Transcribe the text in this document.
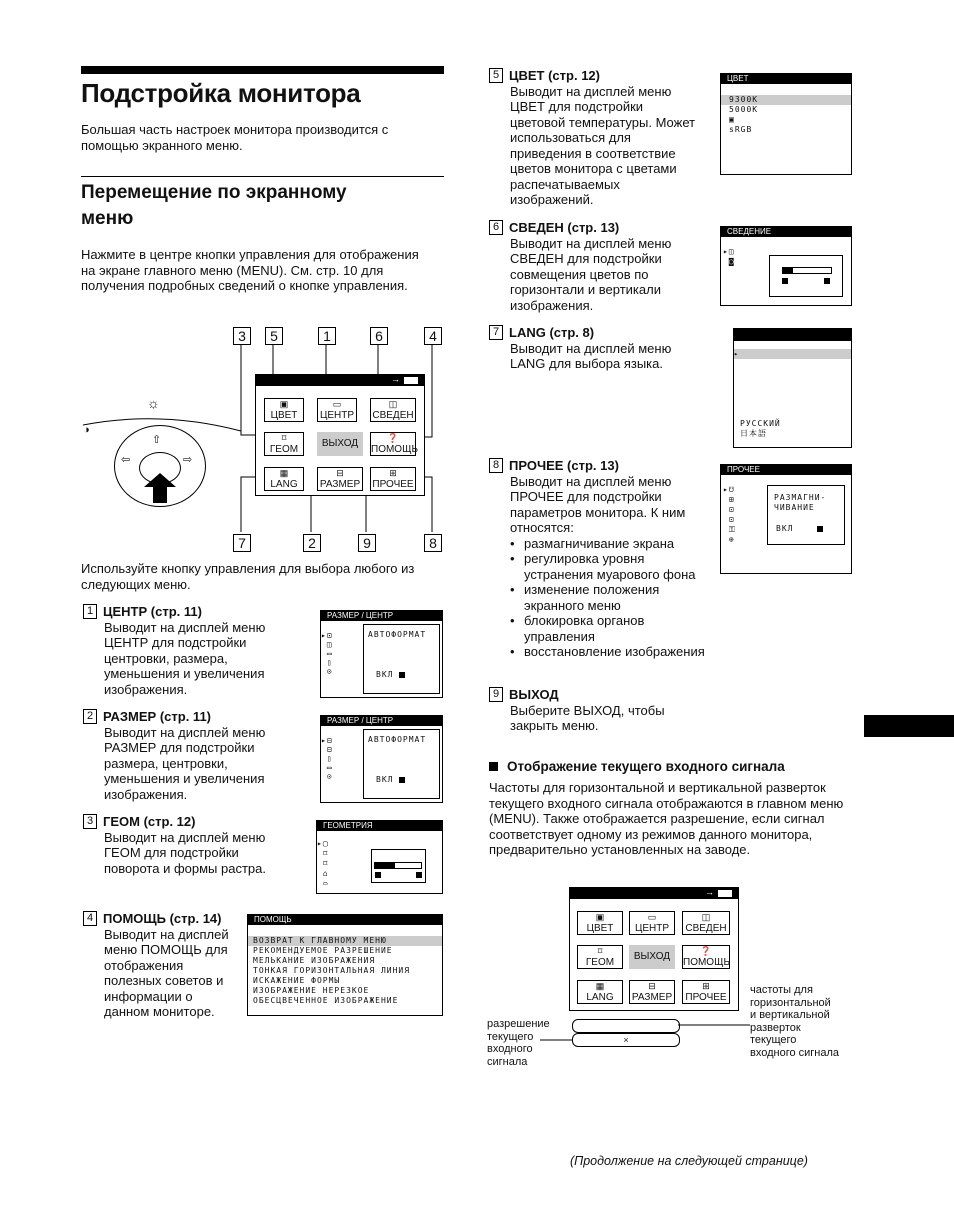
Подстройка монитора
Большая часть настроек монитора производится с помощью экранного меню.
Перемещение по экранному
меню
Нажмите в центре кнопки управления для отображения на экране главного меню (MENU). См. стр. 10 для получения подробных сведений о кнопке управления.
3	5	1	6	4
7	2	9	8
→
▣
ЦВЕТ
▭
ЦЕНТР
◫
СВЕДЕН
⌑
ГЕОМ
ВЫХОД	❓
ПОМОЩЬ
▦
LANG
⊟
РАЗМЕР
⊞
ПРОЧЕЕ
◑
☼
⇧
⇦	⇨
Используйте кнопку управления для выбора любого из следующих меню.
1 ЦЕНТР (стр. 11)
Выводит на дисплей меню ЦЕНТР для подстройки центровки, размера, уменьшения и увеличения изображения.
РАЗМЕР / ЦЕНТР
▸⊡
◫
▭
▯
⊙
АВТОФОРМАТ
ВКЛ
2 РАЗМЕР (стр. 11)
Выводит на дисплей меню РАЗМЕР для подстройки размера, центровки, уменьшения и увеличения изображения.
РАЗМЕР / ЦЕНТР
▸⊟
⊟
▯
▭
⊙
АВТОФОРМАТ
ВКЛ
3 ГЕОМ (стр. 12)
Выводит на дисплей меню ГЕОМ для подстройки поворота и формы растра.
ГЕОМЕТРИЯ
▸▢
⌑
⌑
⌂
⌓
4 ПОМОЩЬ (стр. 14)
Выводит на дисплей меню ПОМОЩЬ для отображения полезных советов и информации о данном мониторе.
ПОМОЩЬ
ВОЗВРАТ К ГЛАВНОМУ МЕНЮ
РЕКОМЕНДУЕМОЕ РАЗРЕШЕНИЕ
МЕЛЬКАНИЕ ИЗОБРАЖЕНИЯ
ТОНКАЯ ГОРИЗОНТАЛЬНАЯ ЛИНИЯ
ИСКАЖЕНИЕ ФОРМЫ
ИЗОБРАЖЕНИЕ НЕРЕЗКОЕ
ОБЕСЦВЕЧЕННОЕ ИЗОБРАЖЕНИЕ
5 ЦВЕТ (стр. 12)
Выводит на дисплей меню ЦВЕТ для подстройки цветовой температуры. Может использоваться для приведения в соответствие цветов монитора с цветами распечатываемых изображений.
ЦВЕТ
9300K
5000K
▣
sRGB
6 СВЕДЕН (стр. 13)
Выводит на дисплей меню СВЕДЕН для подстройки совмещения цветов по горизонтали и вертикали изображения.
СВЕДЕНИЕ
▸◫
◙
7 LANG (стр. 8)
Выводит на дисплей меню LANG для выбора языка.
▸
РУССКИЙ
日本語
8 ПРОЧЕЕ (стр. 13)
Выводит на дисплей меню ПРОЧЕЕ для подстройки параметров монитора. К ним относятся:
• размагничивание экрана
• регулировка уровня устранения муарового фона
• изменение положения экранного меню
• блокировка органов управления
• восстановление изображения
ПРОЧЕЕ
▸☋
⊞
⊡
⊡
⚿
⊕
РАЗМАГНИ-
ЧИВАНИЕ
ВКЛ
9 ВЫХОД
Выберите ВЫХОД, чтобы закрыть меню.
Отображение текущего входного сигнала
Частоты для горизонтальной и вертикальной разверток текущего входного сигнала отображаются в главном меню (MENU). Также отображается разрешение, если сигнал соответствует одному из режимов данного монитора, предварительно установленных на заводе.
→
▣
ЦВЕТ
▭
ЦЕНТР
◫
СВЕДЕН
⌑
ГЕОМ
ВЫХОД	❓
ПОМОЩЬ
▦
LANG
⊟
РАЗМЕР
⊞
ПРОЧЕЕ
×
разрешение
текущего
входного
сигнала
частоты для
горизонтальной
и вертикальной
разверток
текущего
входного сигнала
(Продолжение на следующей странице)
